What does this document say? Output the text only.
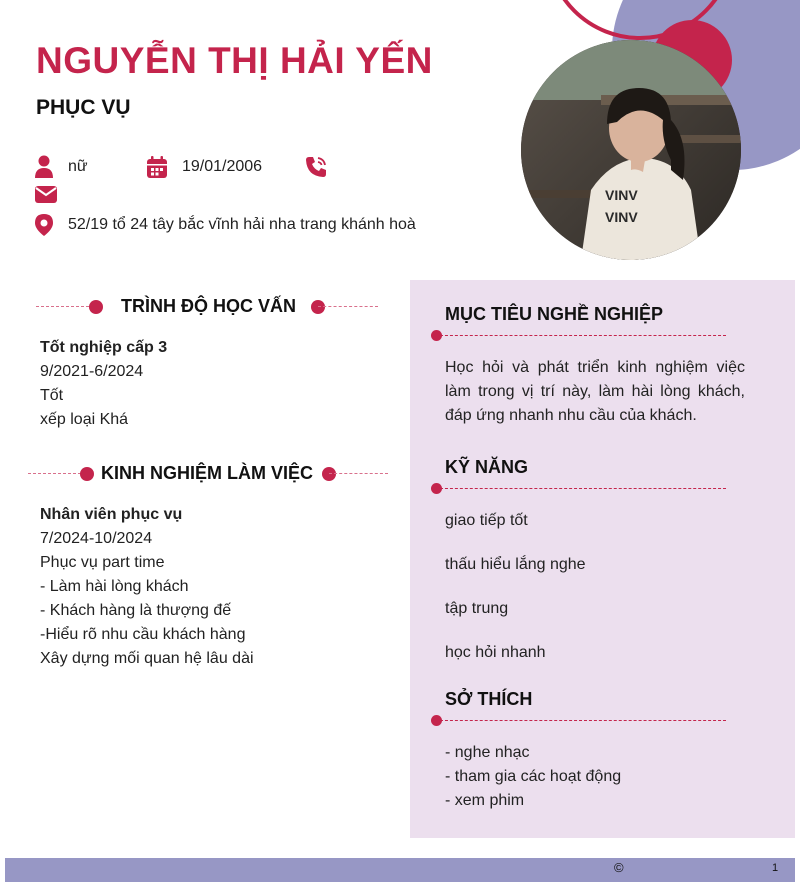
VINV
VINV
NGUYỄN THỊ HẢI YẾN
PHỤC VỤ
nữ	19/01/2006
52/19 tổ 24 tây bắc vĩnh hải nha trang khánh hoà
TRÌNH ĐỘ HỌC VẤN
Tốt nghiệp cấp 3
9/2021-6/2024
Tốt
xếp loại Khá
KINH NGHIỆM LÀM VIỆC
Nhân viên phục vụ
7/2024-10/2024
Phục vụ part time
- Làm hài lòng khách
- Khách hàng là thượng đế
-Hiểu rõ nhu cầu khách hàng
Xây dựng mối quan hệ lâu dài
MỤC TIÊU NGHỀ NGHIỆP
Học hỏi và phát triển kinh nghiệm việc làm trong vị trí này, làm hài lòng khách, đáp ứng nhanh nhu cầu của khách.
KỸ NĂNG
giao tiếp tốt
thấu hiểu lắng nghe
tập trung
học hỏi nhanh
SỞ THÍCH
- nghe nhạc
- tham gia các hoạt động
- xem phim
©	1
